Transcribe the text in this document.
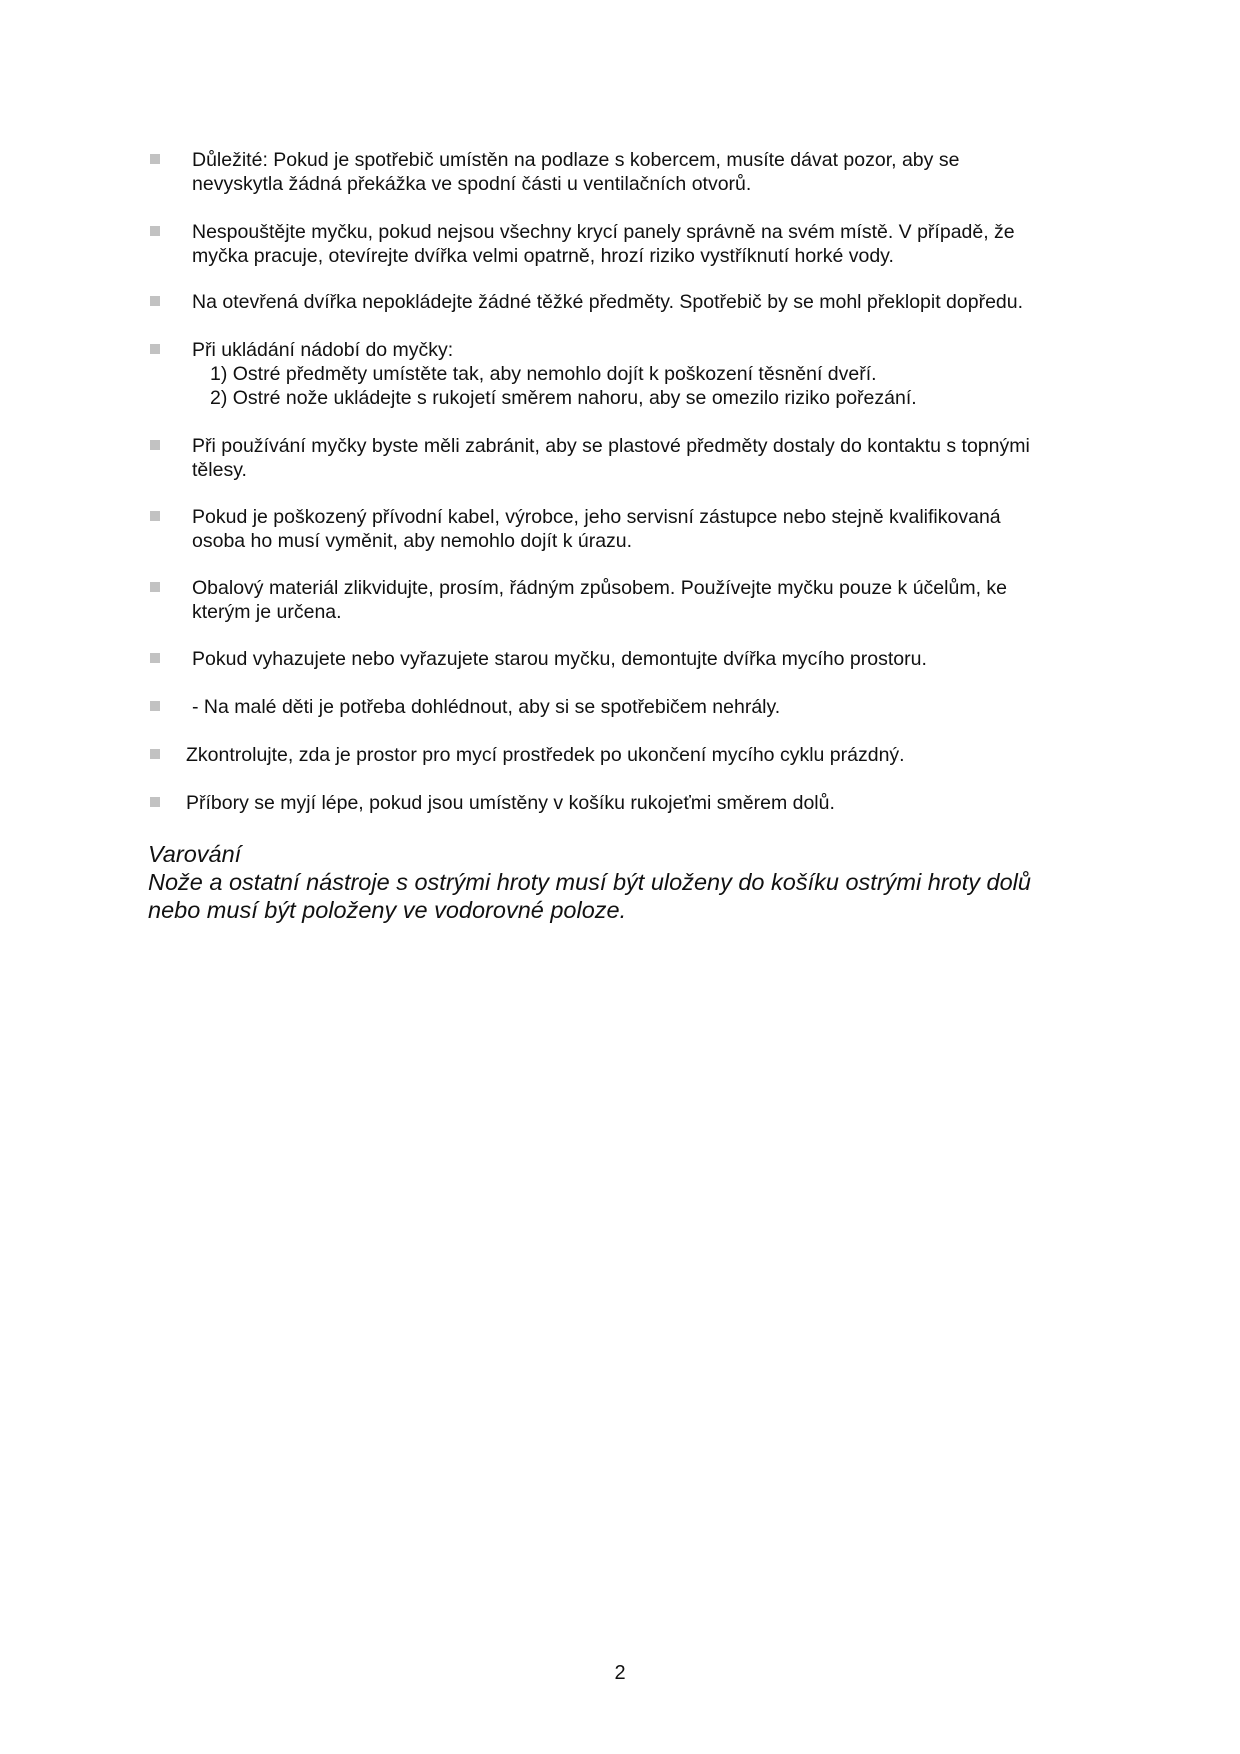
Důležité: Pokud je spotřebič umístěn na podlaze s kobercem, musíte dávat pozor, aby se
nevyskytla žádná překážka ve spodní části u ventilačních otvorů.
Nespouštějte myčku, pokud nejsou všechny krycí panely správně na svém místě. V případě, že
myčka pracuje, otevírejte dvířka velmi opatrně, hrozí riziko vystříknutí horké vody.
Na otevřená dvířka nepokládejte žádné těžké předměty. Spotřebič by se mohl překlopit dopředu.
Při ukládání nádobí do myčky:
1) Ostré předměty umístěte tak, aby nemohlo dojít k poškození těsnění dveří.
2) Ostré nože ukládejte s rukojetí směrem nahoru, aby se omezilo riziko pořezání.
Při používání myčky byste měli zabránit, aby se plastové předměty dostaly do kontaktu s topnými
tělesy.
Pokud je poškozený přívodní kabel, výrobce, jeho servisní zástupce nebo stejně kvalifikovaná
osoba ho musí vyměnit, aby nemohlo dojít k úrazu.
Obalový materiál zlikvidujte, prosím, řádným způsobem. Používejte myčku pouze k účelům, ke
kterým je určena.
Pokud vyhazujete nebo vyřazujete starou myčku, demontujte dvířka mycího prostoru.
- Na malé děti je potřeba dohlédnout, aby si se spotřebičem nehrály.
Zkontrolujte, zda je prostor pro mycí prostředek po ukončení mycího cyklu prázdný.
Příbory se myjí lépe, pokud jsou umístěny v košíku rukojeťmi směrem dolů.
Varování
Nože a ostatní nástroje s ostrými hroty musí být uloženy do košíku ostrými hroty dolů
nebo musí být položeny ve vodorovné poloze.
2
